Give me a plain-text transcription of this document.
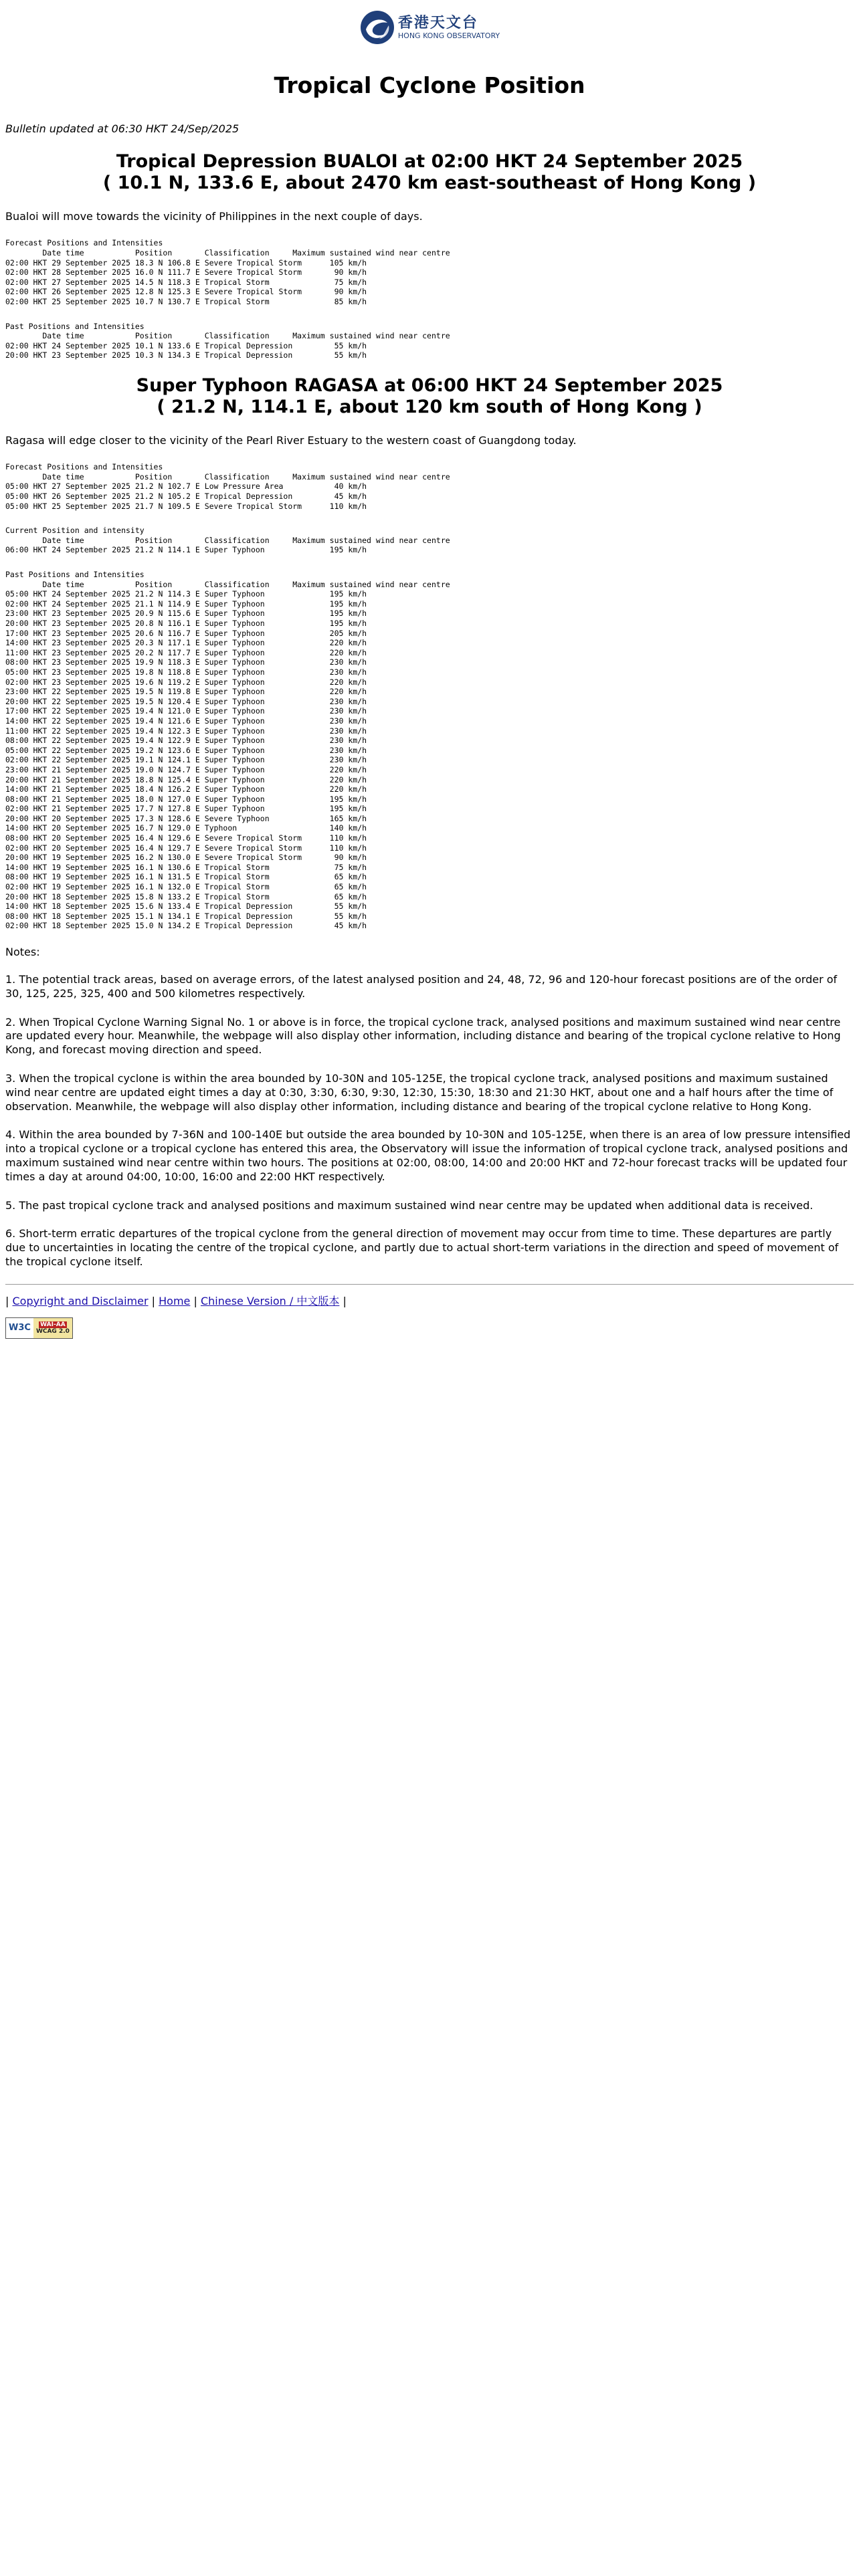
香港天文台
HONG KONG OBSERVATORY
Tropical Cyclone Position

Bulletin updated at 06:30 HKT 24/Sep/2025

Tropical Depression BUALOI at 02:00 HKT 24 September 2025
( 10.1 N, 133.6 E, about 2470 km east-southeast of Hong Kong )

Bualoi will move towards the vicinity of Philippines in the next couple of days.

Forecast Positions and Intensities
Date time           Position       Classification     Maximum sustained wind near centre
02:00 HKT 29 September 2025 18.3 N 106.8 E Severe Tropical Storm      105 km/h
02:00 HKT 28 September 2025 16.0 N 111.7 E Severe Tropical Storm       90 km/h
02:00 HKT 27 September 2025 14.5 N 118.3 E Tropical Storm              75 km/h
02:00 HKT 26 September 2025 12.8 N 125.3 E Severe Tropical Storm       90 km/h
02:00 HKT 25 September 2025 10.7 N 130.7 E Tropical Storm              85 km/h

Past Positions and Intensities
Date time           Position       Classification     Maximum sustained wind near centre
02:00 HKT 24 September 2025 10.1 N 133.6 E Tropical Depression         55 km/h
20:00 HKT 23 September 2025 10.3 N 134.3 E Tropical Depression         55 km/h

Super Typhoon RAGASA at 06:00 HKT 24 September 2025
( 21.2 N, 114.1 E, about 120 km south of Hong Kong )

Ragasa will edge closer to the vicinity of the Pearl River Estuary to the western coast of Guangdong today.

Forecast Positions and Intensities
Date time           Position       Classification     Maximum sustained wind near centre
05:00 HKT 27 September 2025 21.2 N 102.7 E Low Pressure Area           40 km/h
05:00 HKT 26 September 2025 21.2 N 105.2 E Tropical Depression         45 km/h
05:00 HKT 25 September 2025 21.7 N 109.5 E Severe Tropical Storm      110 km/h

Current Position and intensity
Date time           Position       Classification     Maximum sustained wind near centre
06:00 HKT 24 September 2025 21.2 N 114.1 E Super Typhoon              195 km/h

Past Positions and Intensities
Date time           Position       Classification     Maximum sustained wind near centre
05:00 HKT 24 September 2025 21.2 N 114.3 E Super Typhoon              195 km/h
02:00 HKT 24 September 2025 21.1 N 114.9 E Super Typhoon              195 km/h
23:00 HKT 23 September 2025 20.9 N 115.6 E Super Typhoon              195 km/h
20:00 HKT 23 September 2025 20.8 N 116.1 E Super Typhoon              195 km/h
17:00 HKT 23 September 2025 20.6 N 116.7 E Super Typhoon              205 km/h
14:00 HKT 23 September 2025 20.3 N 117.1 E Super Typhoon              220 km/h
11:00 HKT 23 September 2025 20.2 N 117.7 E Super Typhoon              220 km/h
08:00 HKT 23 September 2025 19.9 N 118.3 E Super Typhoon              230 km/h
05:00 HKT 23 September 2025 19.8 N 118.8 E Super Typhoon              230 km/h
02:00 HKT 23 September 2025 19.6 N 119.2 E Super Typhoon              220 km/h
23:00 HKT 22 September 2025 19.5 N 119.8 E Super Typhoon              220 km/h
20:00 HKT 22 September 2025 19.5 N 120.4 E Super Typhoon              230 km/h
17:00 HKT 22 September 2025 19.4 N 121.0 E Super Typhoon              230 km/h
14:00 HKT 22 September 2025 19.4 N 121.6 E Super Typhoon              230 km/h
11:00 HKT 22 September 2025 19.4 N 122.3 E Super Typhoon              230 km/h
08:00 HKT 22 September 2025 19.4 N 122.9 E Super Typhoon              230 km/h
05:00 HKT 22 September 2025 19.2 N 123.6 E Super Typhoon              230 km/h
02:00 HKT 22 September 2025 19.1 N 124.1 E Super Typhoon              230 km/h
23:00 HKT 21 September 2025 19.0 N 124.7 E Super Typhoon              220 km/h
20:00 HKT 21 September 2025 18.8 N 125.4 E Super Typhoon              220 km/h
14:00 HKT 21 September 2025 18.4 N 126.2 E Super Typhoon              220 km/h
08:00 HKT 21 September 2025 18.0 N 127.0 E Super Typhoon              195 km/h
02:00 HKT 21 September 2025 17.7 N 127.8 E Super Typhoon              195 km/h
20:00 HKT 20 September 2025 17.3 N 128.6 E Severe Typhoon             165 km/h
14:00 HKT 20 September 2025 16.7 N 129.0 E Typhoon                    140 km/h
08:00 HKT 20 September 2025 16.4 N 129.6 E Severe Tropical Storm      110 km/h
02:00 HKT 20 September 2025 16.4 N 129.7 E Severe Tropical Storm      110 km/h
20:00 HKT 19 September 2025 16.2 N 130.0 E Severe Tropical Storm       90 km/h
14:00 HKT 19 September 2025 16.1 N 130.6 E Tropical Storm              75 km/h
08:00 HKT 19 September 2025 16.1 N 131.5 E Tropical Storm              65 km/h
02:00 HKT 19 September 2025 16.1 N 132.0 E Tropical Storm              65 km/h
20:00 HKT 18 September 2025 15.8 N 133.2 E Tropical Storm              65 km/h
14:00 HKT 18 September 2025 15.6 N 133.4 E Tropical Depression         55 km/h
08:00 HKT 18 September 2025 15.1 N 134.1 E Tropical Depression         55 km/h
02:00 HKT 18 September 2025 15.0 N 134.2 E Tropical Depression         45 km/h

Notes:

1. The potential track areas, based on average errors, of the latest analysed position and 24, 48, 72, 96 and 120-hour forecast positions are of the order of 30, 125, 225, 325, 400 and 500 kilometres respectively.

2. When Tropical Cyclone Warning Signal No. 1 or above is in force, the tropical cyclone track, analysed positions and maximum sustained wind near centre are updated every hour. Meanwhile, the webpage will also display other information, including distance and bearing of the tropical cyclone relative to Hong Kong, and forecast moving direction and speed.

3. When the tropical cyclone is within the area bounded by 10-30N and 105-125E, the tropical cyclone track, analysed positions and maximum sustained wind near centre are updated eight times a day at 0:30, 3:30, 6:30, 9:30, 12:30, 15:30, 18:30 and 21:30 HKT, about one and a half hours after the time of observation. Meanwhile, the webpage will also display other information, including distance and bearing of the tropical cyclone relative to Hong Kong.

4. Within the area bounded by 7-36N and 100-140E but outside the area bounded by 10-30N and 105-125E, when there is an area of low pressure intensified into a tropical cyclone or a tropical cyclone has entered this area, the Observatory will issue the information of tropical cyclone track, analysed positions and maximum sustained wind near centre within two hours. The positions at 02:00, 08:00, 14:00 and 20:00 HKT and 72-hour forecast tracks will be updated four times a day at around 04:00, 10:00, 16:00 and 22:00 HKT respectively.

5. The past tropical cyclone track and analysed positions and maximum sustained wind near centre may be updated when additional data is received.

6. Short-term erratic departures of the tropical cyclone from the general direction of movement may occur from time to time. These departures are partly due to uncertainties in locating the centre of the tropical cyclone, and partly due to actual short-term variations in the direction and speed of movement of the tropical cyclone itself.

| Copyright and Disclaimer | Home | Chinese Version / 中文版本 |
W3C	WAI-AA
WCAG 2.0
